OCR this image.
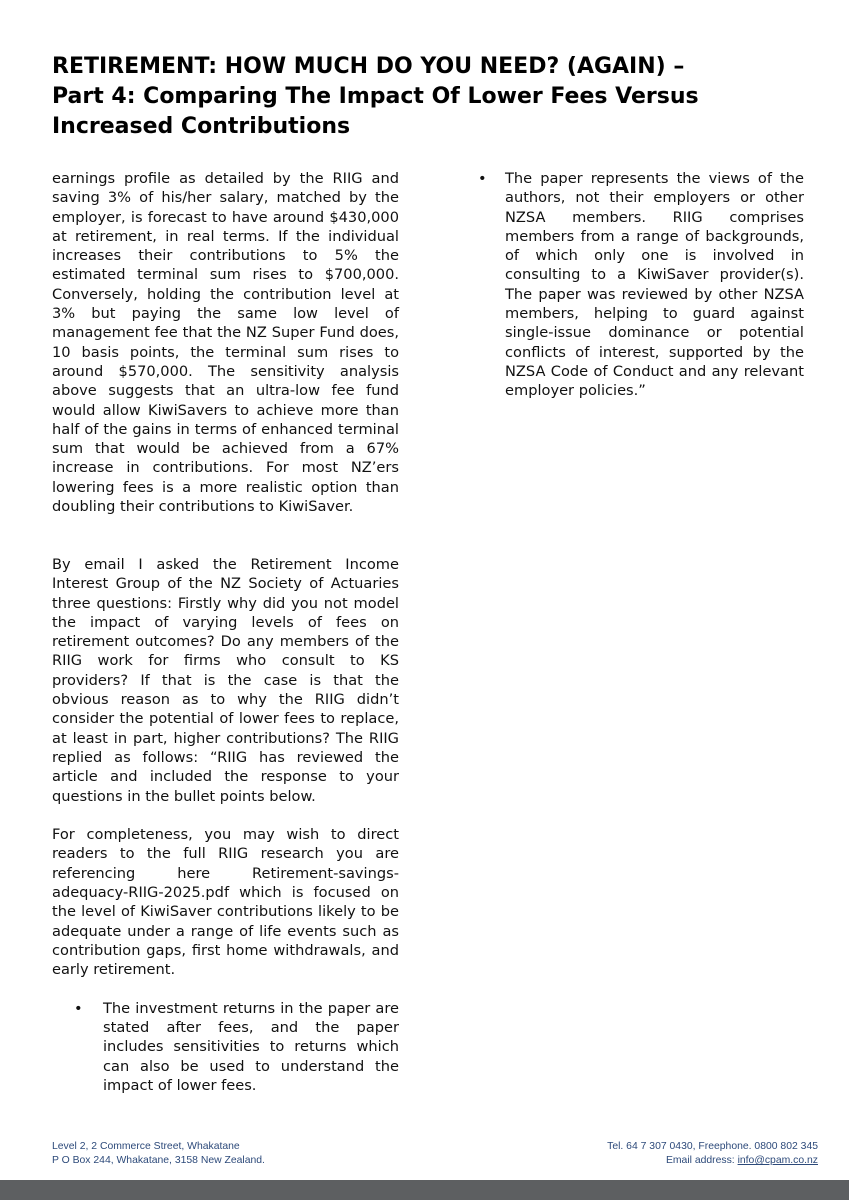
RETIREMENT: HOW MUCH DO YOU NEED? (AGAIN) –
Part 4: Comparing The Impact Of Lower Fees Versus
Increased Contributions

earnings profile as detailed by the RIIG and saving 3% of his/her salary, matched by the employer, is forecast to have around $430,000 at retirement, in real terms. If the individual increases their contributions to 5% the estimated terminal sum rises to $700,000. Conversely, holding the contribution level at 3% but paying the same low level of management fee that the NZ Super Fund does, 10 basis points, the terminal sum rises to around $570,000. The sensitivity analysis above suggests that an ultra-low fee fund would allow KiwiSavers to achieve more than half of the gains in terms of enhanced terminal sum that would be achieved from a 67% increase in contributions. For most NZ’ers lowering fees is a more realistic option than doubling their contributions to KiwiSaver.

By email I asked the Retirement Income Interest Group of the NZ Society of Actuaries three questions: Firstly why did you not model the impact of varying levels of fees on retirement outcomes? Do any members of the RIIG work for firms who consult to KS providers? If that is the case is that the obvious reason as to why the RIIG didn’t consider the potential of lower fees to replace, at least in part, higher contributions? The RIIG replied as follows: “RIIG has reviewed the article and included the response to your questions in the bullet points below.

For completeness, you may wish to direct readers to the full RIIG research you are referencing here Retirement-savings-adequacy-RIIG-2025.pdf which is focused on the level of KiwiSaver contributions likely to be adequate under a range of life events such as contribution gaps, first home withdrawals, and early retirement.

• The investment returns in the paper are stated after fees, and the paper includes sensitivities to returns which can also be used to understand the impact of lower fees.
• The paper represents the views of the authors, not their employers or other NZSA members. RIIG comprises members from a range of backgrounds, of which only one is involved in consulting to a KiwiSaver provider(s). The paper was reviewed by other NZSA members, helping to guard against single-issue dominance or potential conflicts of interest, supported by the NZSA Code of Conduct and any relevant employer policies.”
Level 2, 2 Commerce Street, Whakatane
P O Box 244, Whakatane, 3158 New Zealand.
Tel. 64 7 307 0430, Freephone. 0800 802 345
Email address: info@cpam.co.nz
